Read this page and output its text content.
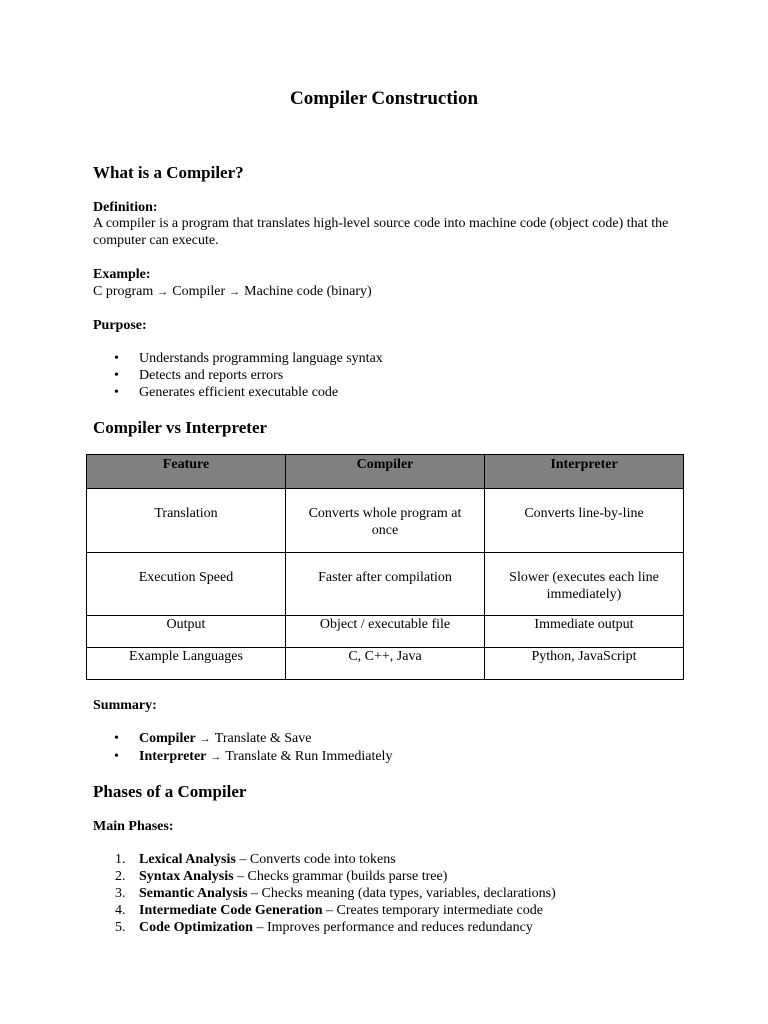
Compiler Construction
What is a Compiler?
Definition:
A compiler is a program that translates high-level source code into machine code (object code) that the computer can execute.
Example:
C program → Compiler → Machine code (binary)
Purpose:
• Understands programming language syntax
• Detects and reports errors
• Generates efficient executable code
Compiler vs Interpreter
Feature	Compiler	Interpreter
Translation	Converts whole program at once	Converts line-by-line
Execution Speed	Faster after compilation	Slower (executes each line immediately)
Output	Object / executable file	Immediate output
Example Languages	C, C++, Java	Python, JavaScript
Summary:
• Compiler → Translate & Save
• Interpreter → Translate & Run Immediately
Phases of a Compiler
Main Phases:
1. Lexical Analysis – Converts code into tokens
2. Syntax Analysis – Checks grammar (builds parse tree)
3. Semantic Analysis – Checks meaning (data types, variables, declarations)
4. Intermediate Code Generation – Creates temporary intermediate code
5. Code Optimization – Improves performance and reduces redundancy
